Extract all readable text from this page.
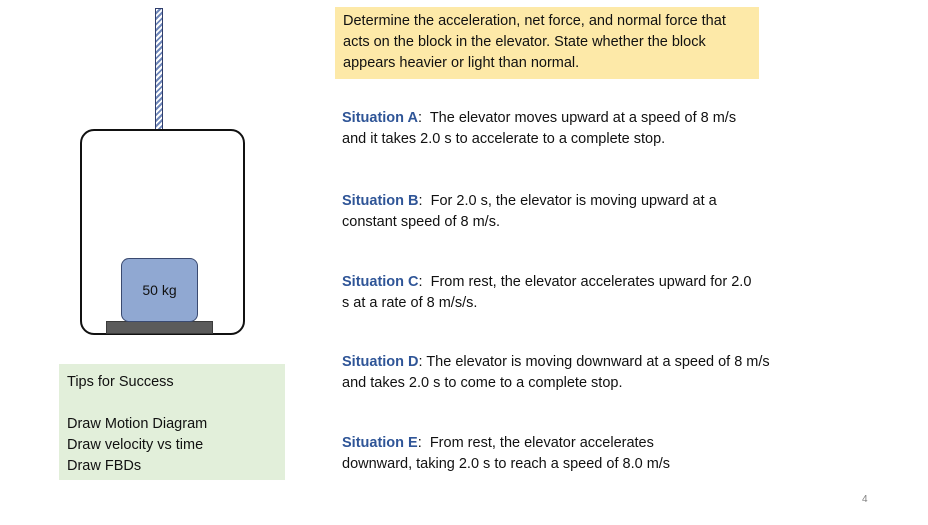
50 kg
Tips for Success
Draw Motion Diagram
Draw velocity vs time
Draw FBDs
Determine the acceleration, net force, and normal force that acts on the block in the elevator. State whether the block appears heavier or light than normal.
Situation A:  The elevator moves upward at a speed of 8 m/s and it takes 2.0 s to accelerate to a complete stop.
Situation B:  For 2.0 s, the elevator is moving upward at a constant speed of 8 m/s.
Situation C:  From rest, the elevator accelerates upward for 2.0 s at a rate of 8 m/s/s.
Situation D: The elevator is moving downward at a speed of 8 m/s and takes 2.0 s to come to a complete stop.
Situation E:  From rest, the elevator accelerates downward, taking 2.0 s to reach a speed of 8.0 m/s
4
